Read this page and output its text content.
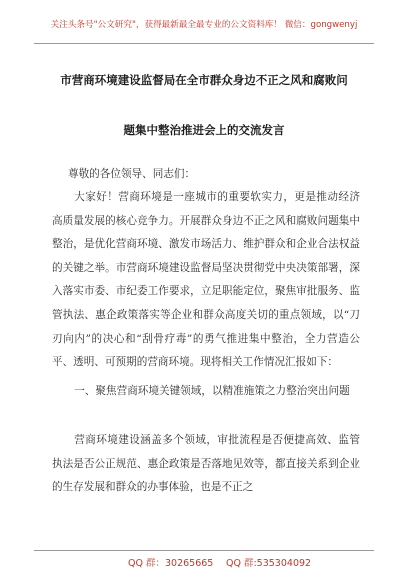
关注头条号"公文研究"，获得最新最全最专业的公文资料库！ 微信：gongwenyj
市营商环境建设监督局在全市群众身边不正之风和腐败问
题集中整治推进会上的交流发言

尊敬的各位领导、同志们：

大家好！营商环境是一座城市的重要软实力，更是推动经济高质量发展的核心竞争力。开展群众身边不正之风和腐败问题集中整治，是优化营商环境、激发市场活力、维护群众和企业合法权益的关键之举。市营商环境建设监督局坚决贯彻党中央决策部署，深入落实市委、市纪委工作要求，立足职能定位，聚焦审批服务、监管执法、惠企政策落实等企业和群众高度关切的重点领域，以“刀刃向内”的决心和“刮骨疗毒”的勇气推进集中整治，全力营造公平、透明、可预期的营商环境。现将相关工作情况汇报如下：

一、聚焦营商环境关键领域，以精准施策之力整治突出问题

营商环境建设涵盖多个领域，审批流程是否便捷高效、监管执法是否公正规范、惠企政策是否落地见效等，都直接关系到企业的生存发展和群众的办事体验，也是不正之

QQ 群：30265665 QQ 群:535304092
